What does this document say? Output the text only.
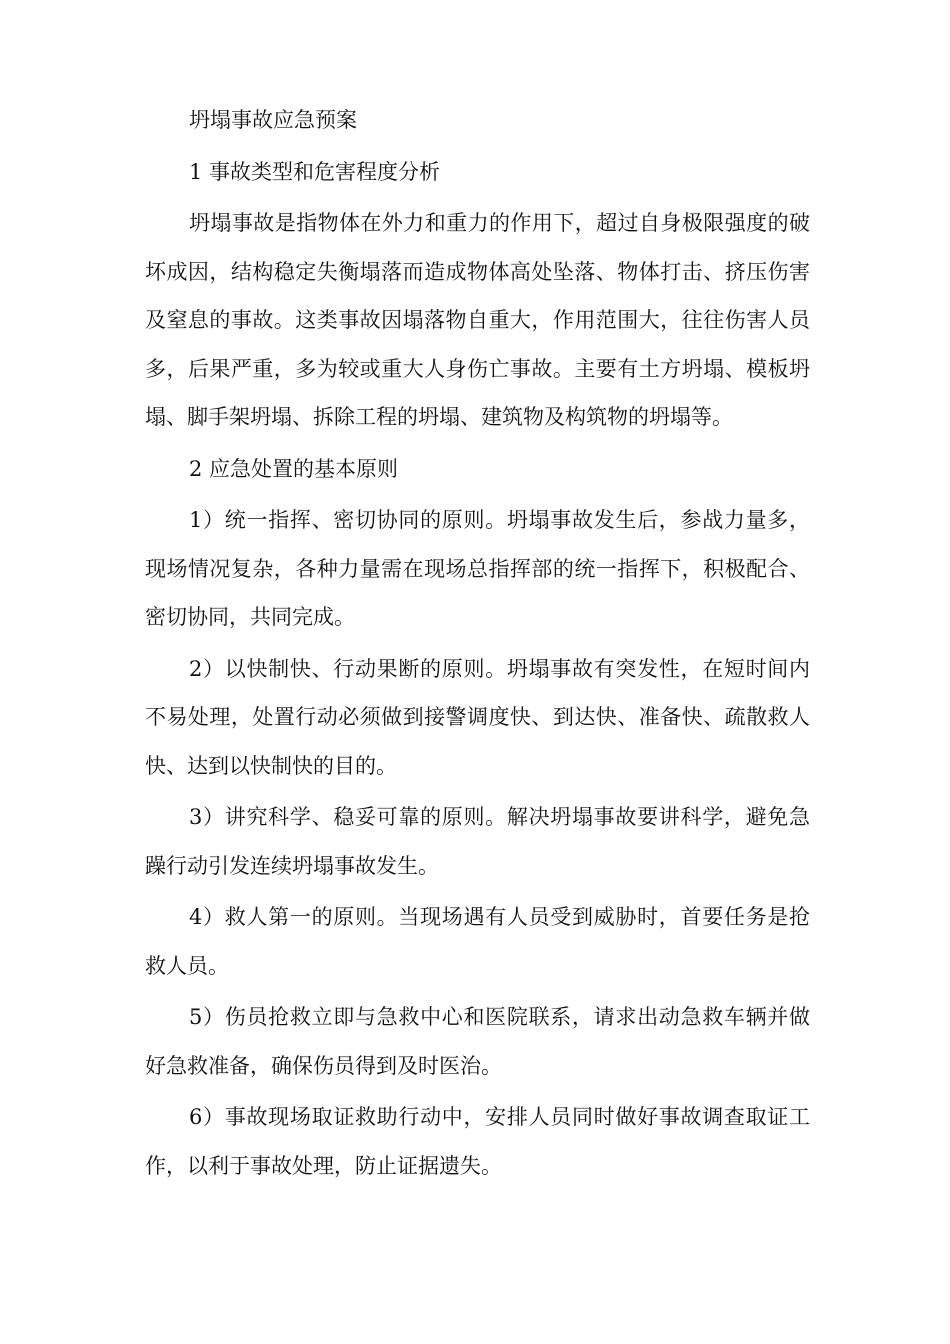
坍塌事故应急预案

1 事故类型和危害程度分析

坍塌事故是指物体在外力和重力的作用下，超过自身极限强度的破坏成因，结构稳定失衡塌落而造成物体高处坠落、物体打击、挤压伤害及窒息的事故。这类事故因塌落物自重大，作用范围大，往往伤害人员多，后果严重，多为较或重大人身伤亡事故。主要有土方坍塌、模板坍塌、脚手架坍塌、拆除工程的坍塌、建筑物及构筑物的坍塌等。

2 应急处置的基本原则

1）统一指挥、密切协同的原则。坍塌事故发生后，参战力量多，现场情况复杂，各种力量需在现场总指挥部的统一指挥下，积极配合、密切协同，共同完成。

2）以快制快、行动果断的原则。坍塌事故有突发性，在短时间内不易处理，处置行动必须做到接警调度快、到达快、准备快、疏散救人快、达到以快制快的目的。

3）讲究科学、稳妥可靠的原则。解决坍塌事故要讲科学，避免急躁行动引发连续坍塌事故发生。

4）救人第一的原则。当现场遇有人员受到威胁时，首要任务是抢救人员。

5）伤员抢救立即与急救中心和医院联系，请求出动急救车辆并做好急救准备，确保伤员得到及时医治。

6）事故现场取证救助行动中，安排人员同时做好事故调查取证工作，以利于事故处理，防止证据遗失。
